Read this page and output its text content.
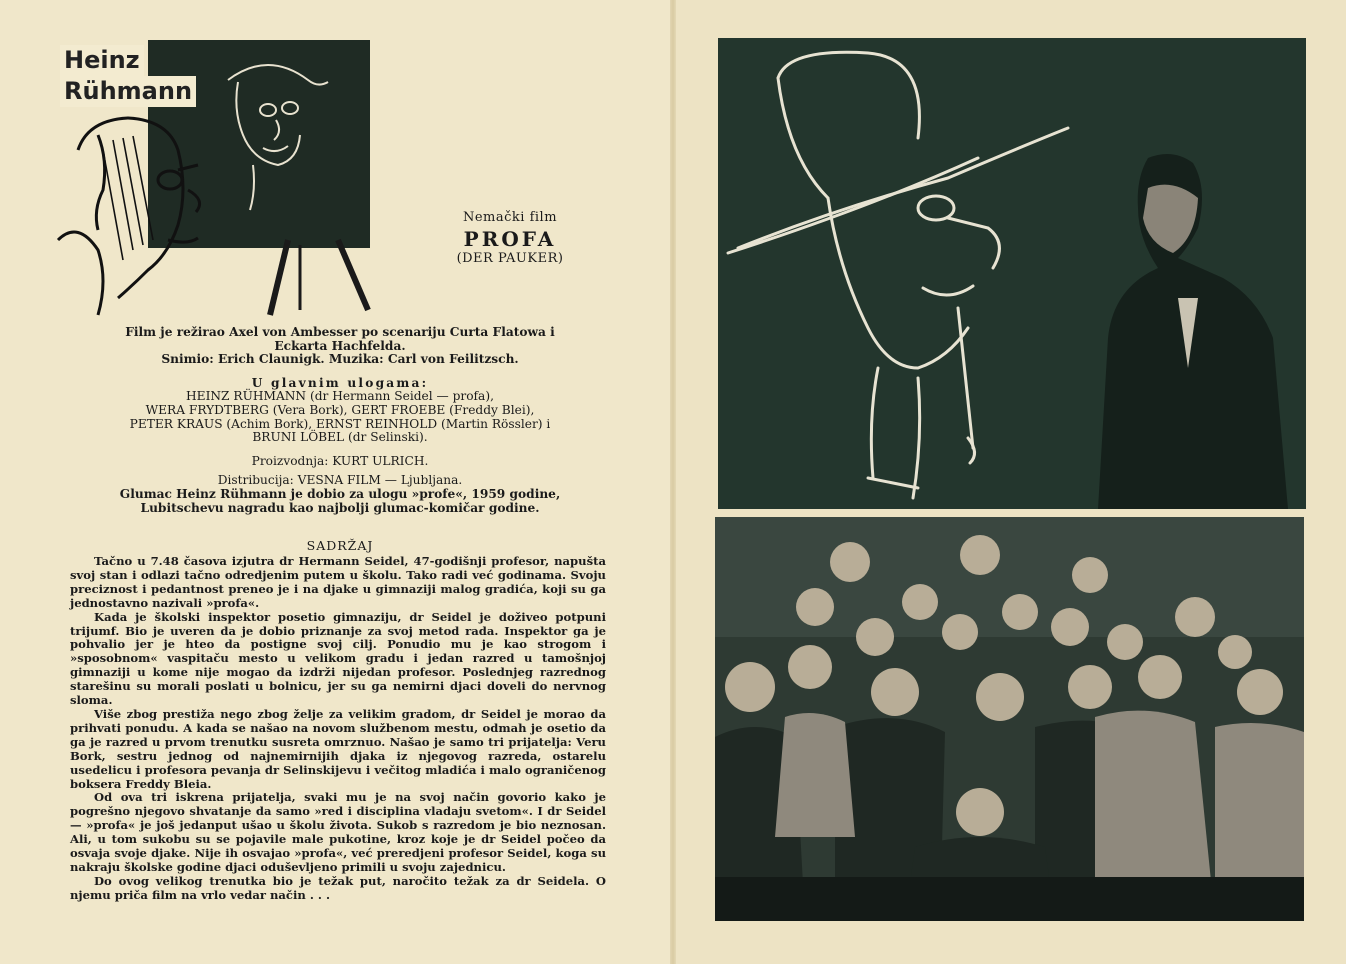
Heinz
Rühmann
Nemački film
PROFA
(DER PAUKER)

Film je režirao Axel von Ambesser po scenariju Curta Flatowa i

Eckarta Hachfelda.

Snimio: Erich Claunigk. Muzika: Carl von Feilitzsch.

U glavnim ulogama:

HEINZ RÜHMANN (dr Hermann Seidel — profa),

WERA FRYDTBERG (Vera Bork), GERT FROEBE (Freddy Blei),

PETER KRAUS (Achim Bork), ERNST REINHOLD (Martin Rössler) i

BRUNI LÖBEL (dr Selinski).

Proizvodnja: KURT ULRICH.

Distribucija: VESNA FILM — Ljubljana.

Glumac Heinz Rühmann je dobio za ulogu »profe«, 1959 godine,

Lubitschevu nagradu kao najbolji glumac-komičar godine.

SADRŽAJ

Tačno u 7.48 časova izjutra dr Hermann Seidel, 47-godišnji profesor, napušta svoj stan i odlazi tačno odredjenim putem u školu. Tako radi već godinama. Svoju preciznost i pedantnost preneo je i na djake u gimnaziji malog gradića, koji su ga jednostavno nazivali »profa«.

Kada je školski inspektor posetio gimnaziju, dr Seidel je doživeo potpuni trijumf. Bio je uveren da je dobio priznanje za svoj metod rada. Inspektor ga je pohvalio jer je hteo da postigne svoj cilj. Ponudio mu je kao strogom i »sposobnom« vaspitaču mesto u velikom gradu i jedan razred u tamošnjoj gimnaziji u kome nije mogao da izdrži nijedan profesor. Poslednjeg razrednog starešinu su morali poslati u bolnicu, jer su ga nemirni djaci doveli do nervnog sloma.

Više zbog prestiža nego zbog želje za velikim gradom, dr Seidel je morao da prihvati ponudu. A kada se našao na novom službenom mestu, odmah je osetio da ga je razred u prvom trenutku susreta omrznuo. Našao je samo tri prijatelja: Veru Bork, sestru jednog od najnemirnijih djaka iz njegovog razreda, ostarelu usedelicu i profesora pevanja dr Selinskijevu i večitog mladića i malo ograničenog boksera Freddy Bleia.

Od ova tri iskrena prijatelja, svaki mu je na svoj način govorio kako je pogrešno njegovo shvatanje da samo »red i disciplina vladaju svetom«. I dr Seidel — »profa« je još jedanput ušao u školu života. Sukob s razredom je bio neznosan. Ali, u tom sukobu su se pojavile male pukotine, kroz koje je dr Seidel počeo da osvaja svoje djake. Nije ih osvajao »profa«, već preredjeni profesor Seidel, koga su nakraju školske godine djaci oduševljeno primili u svoju zajednicu.

Do ovog velikog trenutka bio je težak put, naročito težak za dr Seidela. O njemu priča film na vrlo vedar način . . .
